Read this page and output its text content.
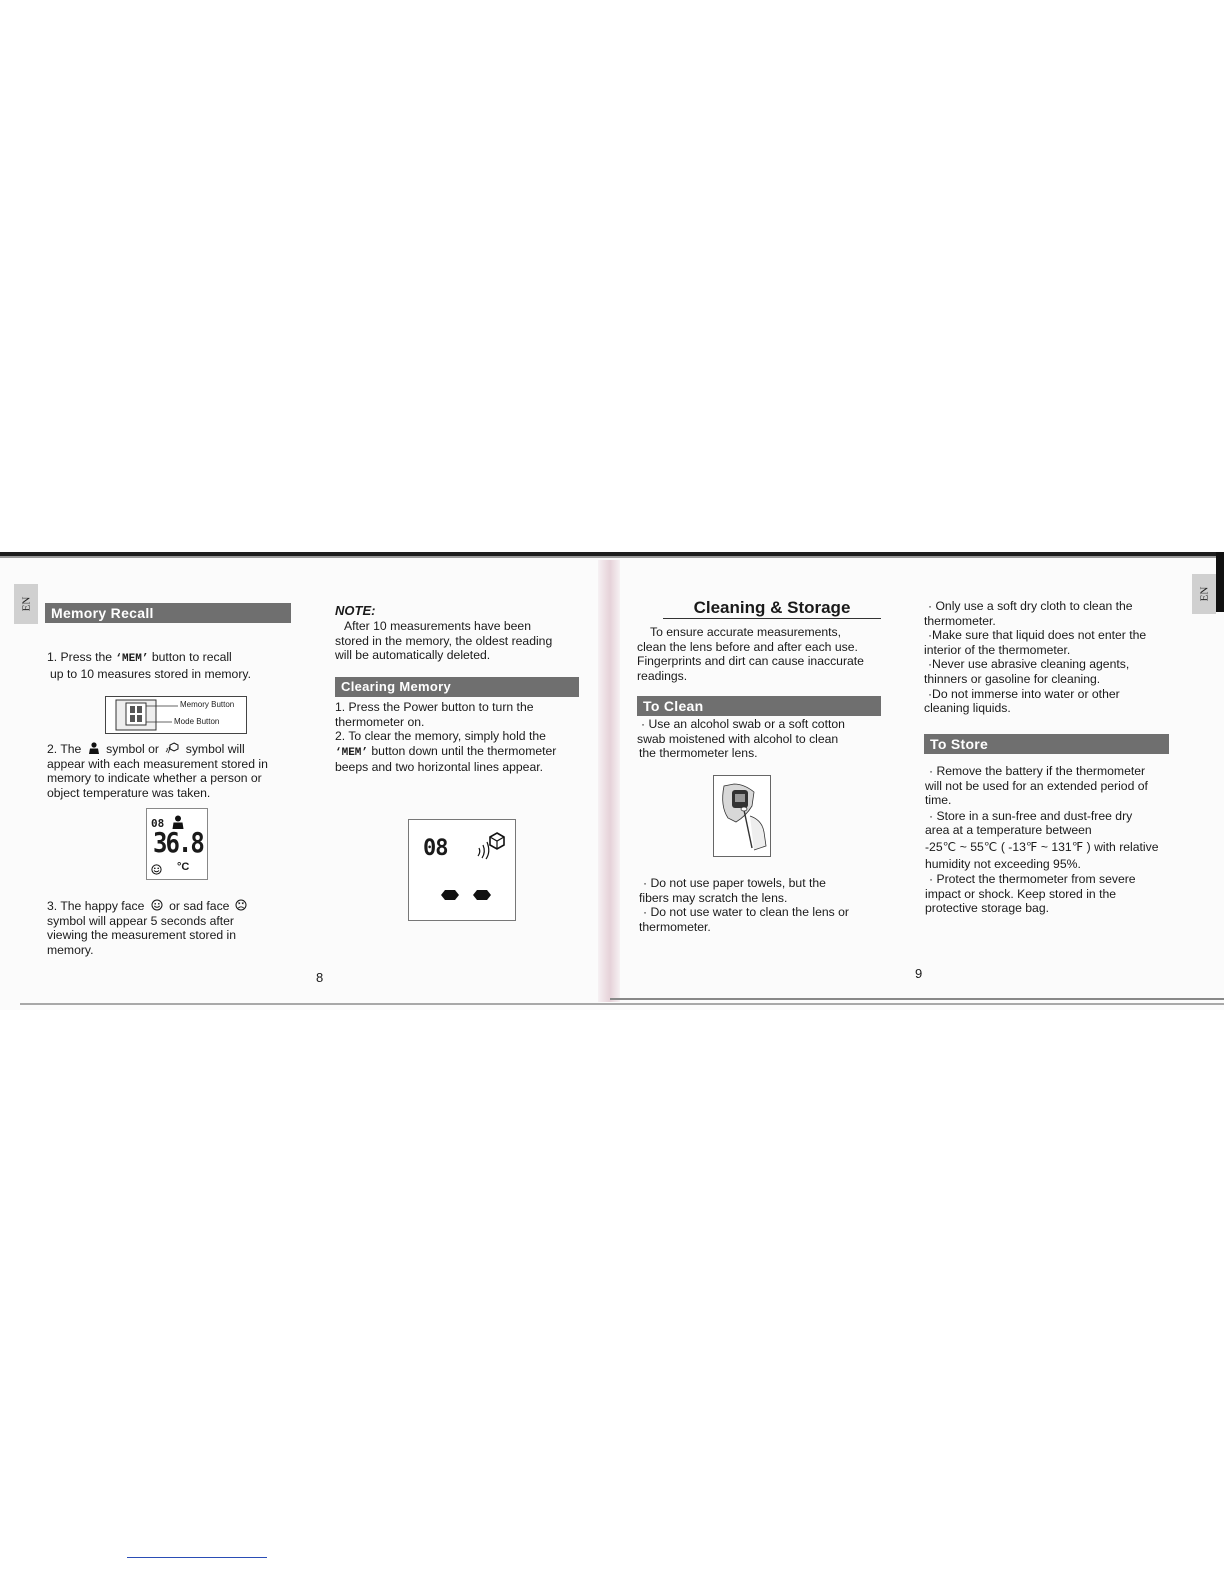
EN
EN
Memory Recall

1. Press the ‘MEM’ button to recall

up to 10 measures stored in memory.

Memory Button
Mode Button

2. The symbol or symbol will

appear with each measurement stored in

memory to indicate whether a person or

object temperature was taken.

08
36.8
°C

3. The happy face or sad face

symbol will appear 5 seconds after

viewing the measurement stored in

memory.

8
NOTE:

After 10 measurements have been

stored in the memory, the oldest reading

will be automatically deleted.

Clearing Memory

1. Press the Power button to turn the

thermometer on.

2. To clear the memory, simply hold the

‘MEM’ button down until the thermometer

beeps and two horizontal lines appear.

08
Cleaning & Storage

To ensure accurate measurements,

clean the lens before and after each use.

Fingerprints and dirt can cause inaccurate

readings.

To Clean

· Use an alcohol swab or a soft cotton

swab moistened with alcohol to clean

the thermometer lens.

· Do not use paper towels, but the

fibers may scratch the lens.

· Do not use water to clean the lens or

thermometer.

9

· Only use a soft dry cloth to clean the

thermometer.

·Make sure that liquid does not enter the

interior of the thermometer.

·Never use abrasive cleaning agents,

thinners or gasoline for cleaning.

·Do not immerse into water or other

cleaning liquids.

To Store

· Remove the battery if the thermometer

will not be used for an extended period of

time.

· Store in a sun-free and dust-free dry

area at a temperature between

-25℃ ~ 55℃ ( -13℉ ~ 131℉ ) with relative

humidity not exceeding 95%.

· Protect the thermometer from severe

impact or shock. Keep stored in the

protective storage bag.
